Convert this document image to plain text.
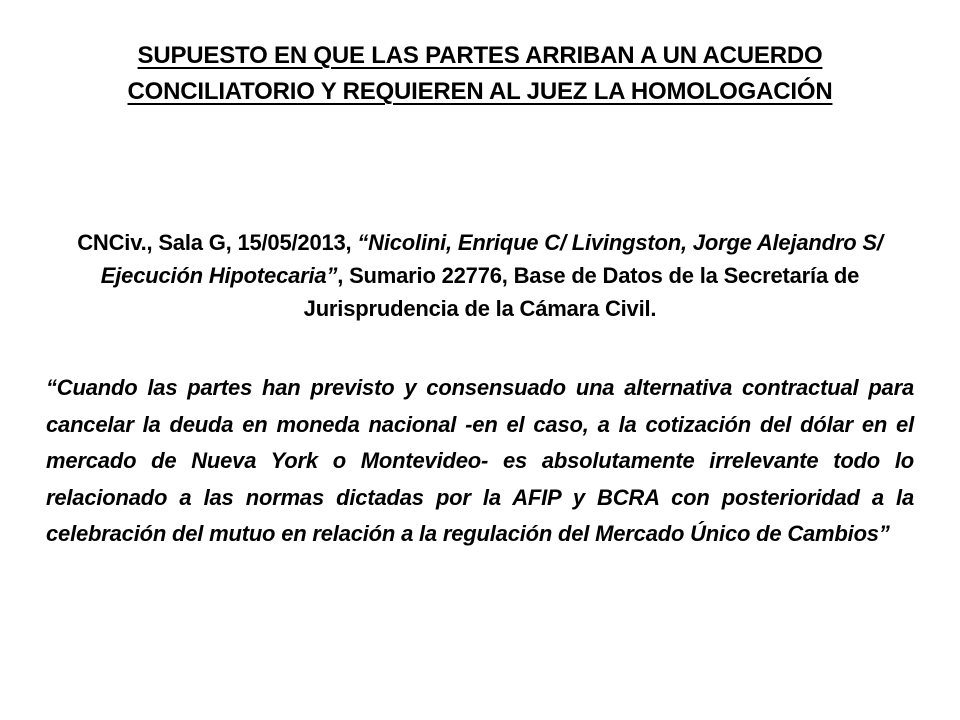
SUPUESTO EN QUE LAS PARTES ARRIBAN A UN ACUERDO
CONCILIATORIO Y REQUIEREN AL JUEZ LA HOMOLOGACIÓN
CNCiv., Sala G, 15/05/2013, “Nicolini, Enrique C/ Livingston, Jorge Alejandro S/ Ejecución Hipotecaria”, Sumario 22776, Base de Datos de la Secretaría de Jurisprudencia de la Cámara Civil.
“Cuando las partes han previsto y consensuado una alternativa contractual para cancelar la deuda en moneda nacional -en el caso, a la cotización del dólar en el mercado de Nueva York o Montevideo- es absolutamente irrelevante todo lo relacionado a las normas dictadas por la AFIP y BCRA con posterioridad a la celebración del mutuo en relación a la regulación del Mercado Único de Cambios”
